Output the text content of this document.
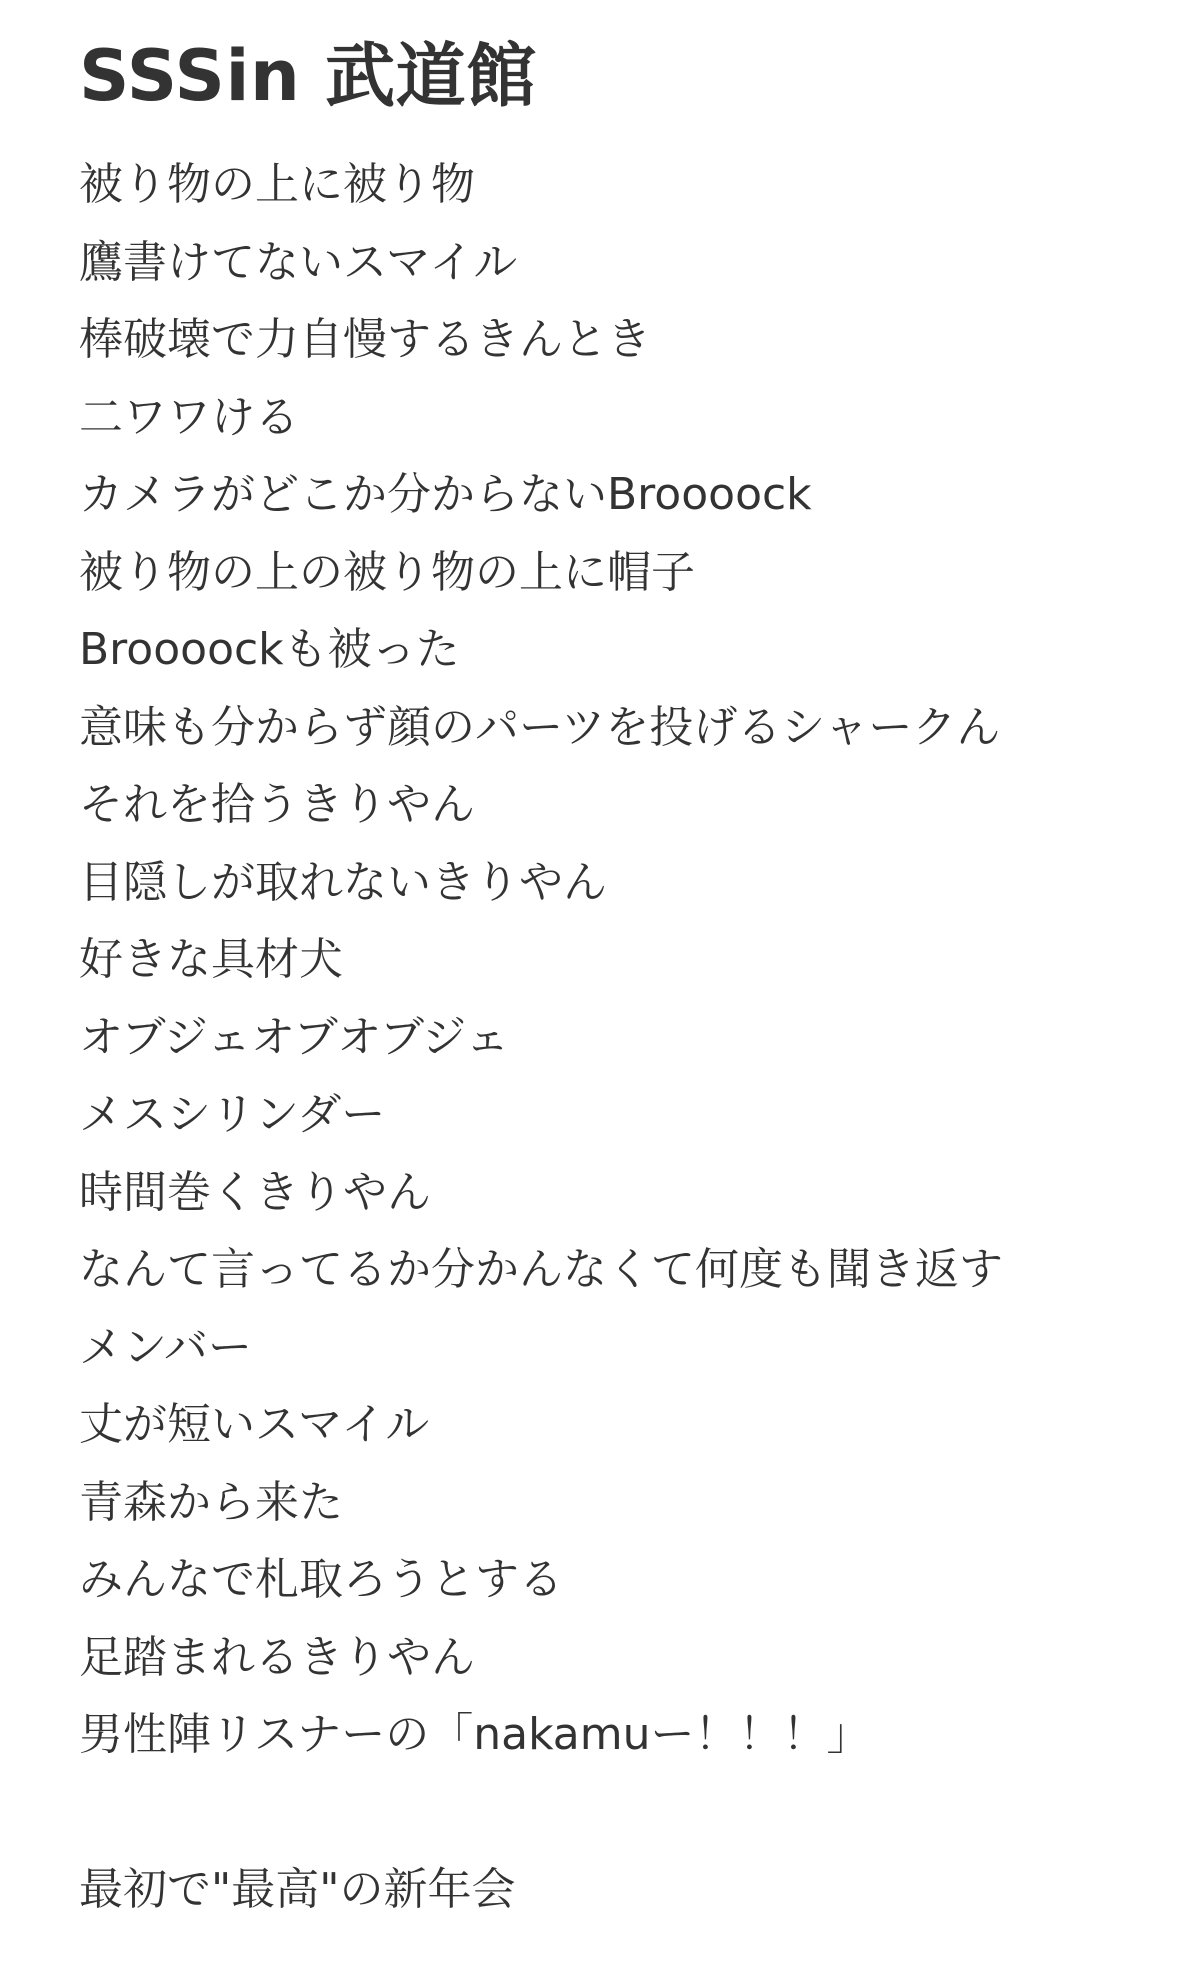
SSSin 武道館
被り物の上に被り物
鷹書けてないスマイル
棒破壊で力自慢するきんとき
二ワワける
カメラがどこか分からないBroooock
被り物の上の被り物の上に帽子
Broooockも被った
意味も分からず顔のパーツを投げるシャークん
それを拾うきりやん
目隠しが取れないきりやん
好きな具材犬
オブジェオブオブジェ
メスシリンダー
時間巻くきりやん
なんて言ってるか分かんなくて何度も聞き返す
メンバー
丈が短いスマイル
青森から来た
みんなで札取ろうとする
足踏まれるきりやん
男性陣リスナーの「nakamuー！！！」
最初で"最高"の新年会
